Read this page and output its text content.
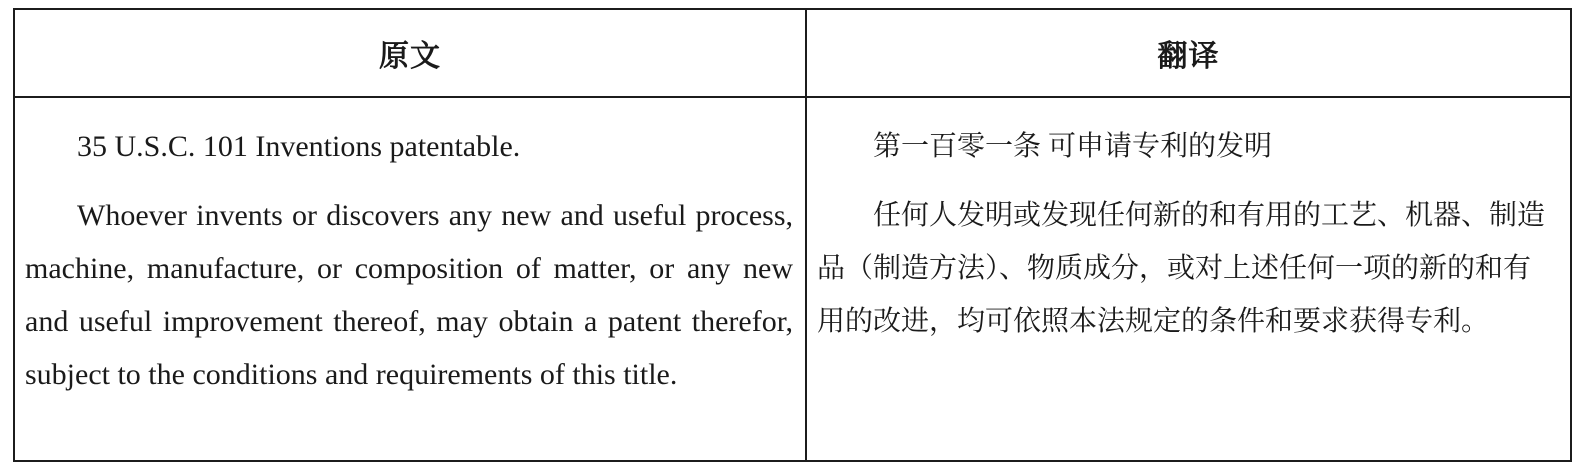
原文	翻译

35 U.S.C. 101 Inventions patentable.

Whoever invents or discovers any new and useful process, machine, manufacture, or composition of matter, or any new and useful improvement thereof, may obtain a patent therefor, subject to the conditions and requirements of this title.

第一百零一条 可申请专利的发明

任何人发明或发现任何新的和有用的工艺、机器、制造品（制造方法）、物质成分，或对上述任何一项的新的和有用的改进，均可依照本法规定的条件和要求获得专利。
